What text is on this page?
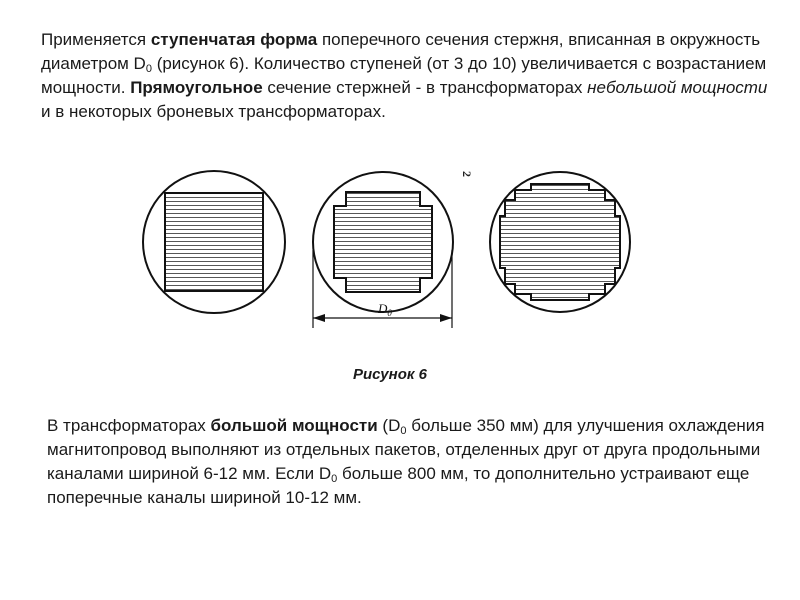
Применяется ступенчатая форма поперечного сечения стержня, вписанная в окружность диаметром $D_0$ (рисунок 6). Количество ступеней (от 3 до 10) увеличивается с возрастанием мощности. Прямоугольное сечение стержней - в трансформаторах небольшой мощности и в некоторых броневых трансформаторах.

$D_0$
2
Рисунок 6

В трансформаторах большой мощности ($D_0$ больше 350 мм) для улучшения охлаждения магнитопровод выполняют из отдельных пакетов, отделенных друг от друга продольными каналами шириной 6-12 мм. Если $D_0$ больше 800 мм, то дополнительно устраивают еще поперечные каналы шириной 10-12 мм.
